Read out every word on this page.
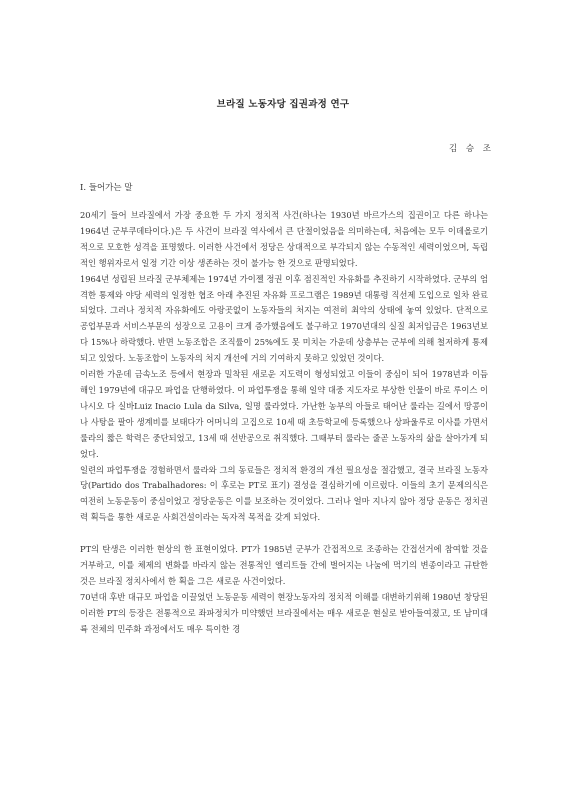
브라질 노동자당 집권과정 연구
김 승 조
I. 들어가는 말

20세기 들어 브라질에서 가장 중요한 두 가지 정치적 사건(하나는 1930년 바르가스의 집권이고 다른 하나는 1964년 군부쿠데타이다.)은 두 사건이 브라질 역사에서 큰 단절이었음을 의미하는데, 처음에는 모두 이데올로기적으로 모호한 성격을 표명했다. 이러한 사건에서 정당은 상대적으로 부각되지 않는 수동적인 세력이었으며, 독립적인 행위자로서 일정 기간 이상 생존하는 것이 불가능 한 것으로 판명되었다.

1964년 성립된 브라질 군부체제는 1974년 가이젤 정권 이후 점진적인 자유화를 추진하기 시작하였다. 군부의 엄격한 통제와 야당 세력의 일정한 협조 아래 추진된 자유화 프로그램은 1989년 대통령 직선제 도입으로 일차 완료되었다. 그러나 정치적 자유화에도 아랑곳없이 노동자들의 처지는 여전히 최악의 상태에 놓여 있었다. 단적으로 공업부문과 서비스부문의 성장으로 고용이 크게 증가했음에도 불구하고 1970년대의 실질 최저임금은 1963년보다 15%나 하락했다. 반면 노동조합은 조직률이 25%에도 못 미치는 가운데 상층부는 군부에 의해 철저하게 통제되고 있었다. 노동조합이 노동자의 처지 개선에 거의 기여하지 못하고 있었던 것이다.

이러한 가운데 금속노조 등에서 현장과 밀착된 새로운 지도력이 형성되었고 이들이 중심이 되어 1978년과 이듬해인 1979년에 대규모 파업을 단행하였다. 이 파업투쟁을 통해 일약 대중 지도자로 부상한 인물이 바로 루이스 이나시오 다 실바Luiz Inacio Lula da Silva, 일명 룰라였다. 가난한 농부의 아들로 태어난 룰라는 길에서 땅콩이나 사탕을 팔아 생계비를 보태다가 어머니의 고집으로 10세 때 초등학교에 등록했으나 상파울루로 이사를 가면서 룰라의 짧은 학력은 중단되었고, 13세 때 선반공으로 취직했다. 그때부터 룰라는 줄곧 노동자의 삶을 살아가게 되었다.

일련의 파업투쟁을 경험하면서 룰라와 그의 동료들은 정치적 환경의 개선 필요성을 절감했고, 결국 브라질 노동자당(Partido dos Trabalhadores: 이 후로는 PT로 표기) 결성을 결심하기에 이르렀다. 이들의 초기 문제의식은 여전히 노동운동이 중심이었고 정당운동은 이를 보조하는 것이었다. 그러나 얼마 지나지 않아 정당 운동은 정치권력 획득을 통한 새로운 사회건설이라는 독자적 목적을 갖게 되었다.

PT의 탄생은 이러한 현상의 한 표현이었다. PT가 1985년 군부가 간접적으로 조종하는 간접선거에 참여할 것을 거부하고, 이를 체제의 변화를 바라지 않는 전통적인 엘리트들 간에 벌어지는 나눔에 먹기의 변종이라고 규탄한 것은 브라질 정치사에서 한 획을 그은 새로운 사건이었다.

70년대 후반 대규모 파업을 이끌었던 노동운동 세력이 현장노동자의 정치적 이해를 대변하기위해 1980년 창당된 이러한 PT의 등장은 전통적으로 좌파정치가 미약했던 브라질에서는 매우 새로운 현실로 받아들여졌고, 또 남미대륙 전체의 민주화 과정에서도 매우 특이한 경
